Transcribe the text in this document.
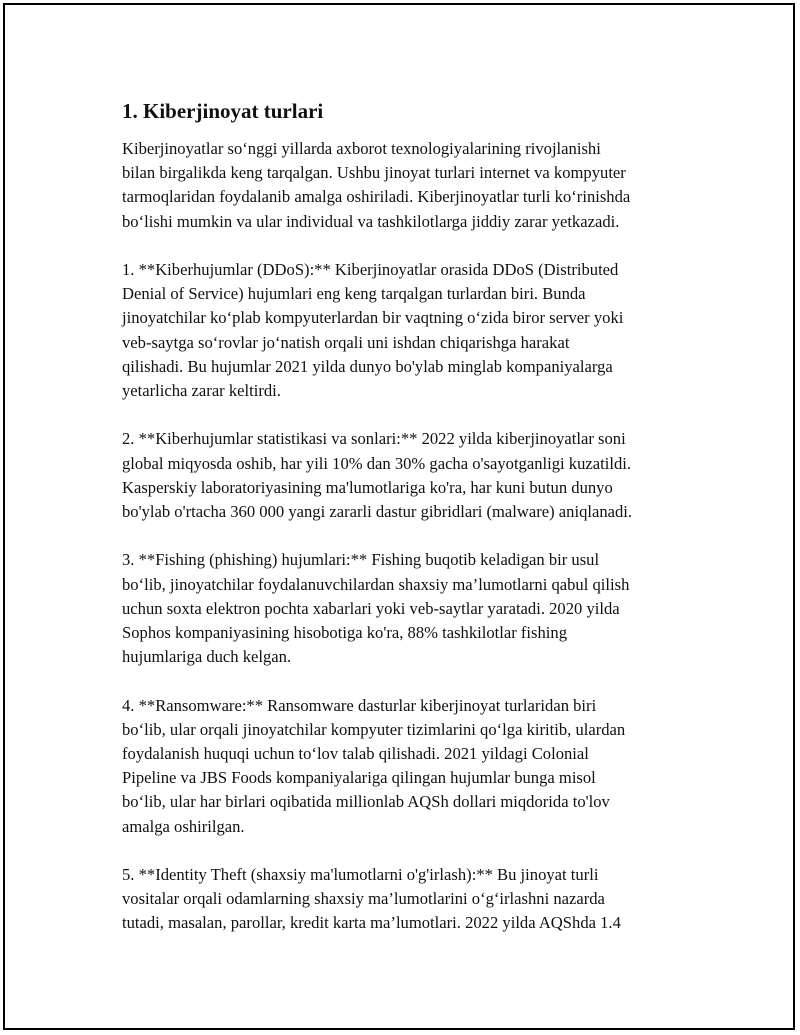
1. Kiberjinoyat turlari
Kiberjinoyatlar so‘nggi yillarda axborot texnologiyalarining rivojlanishi
bilan birgalikda keng tarqalgan. Ushbu jinoyat turlari internet va kompyuter
tarmoqlaridan foydalanib amalga oshiriladi. Kiberjinoyatlar turli ko‘rinishda
bo‘lishi mumkin va ular individual va tashkilotlarga jiddiy zarar yetkazadi.
1. **Kiberhujumlar (DDoS):** Kiberjinoyatlar orasida DDoS (Distributed
Denial of Service) hujumlari eng keng tarqalgan turlardan biri. Bunda
jinoyatchilar ko‘plab kompyuterlardan bir vaqtning o‘zida biror server yoki
veb-saytga so‘rovlar jo‘natish orqali uni ishdan chiqarishga harakat
qilishadi. Bu hujumlar 2021 yilda dunyo bo'ylab minglab kompaniyalarga
yetarlicha zarar keltirdi.
2. **Kiberhujumlar statistikasi va sonlari:** 2022 yilda kiberjinoyatlar soni
global miqyosda oshib, har yili 10% dan 30% gacha o'sayotganligi kuzatildi.
Kasperskiy laboratoriyasining ma'lumotlariga ko'ra, har kuni butun dunyo
bo'ylab o'rtacha 360 000 yangi zararli dastur gibridlari (malware) aniqlanadi.
3. **Fishing (phishing) hujumlari:** Fishing buqotib keladigan bir usul
bo‘lib, jinoyatchilar foydalanuvchilardan shaxsiy ma’lumotlarni qabul qilish
uchun soxta elektron pochta xabarlari yoki veb-saytlar yaratadi. 2020 yilda
Sophos kompaniyasining hisobotiga ko'ra, 88% tashkilotlar fishing
hujumlariga duch kelgan.
4. **Ransomware:** Ransomware dasturlar kiberjinoyat turlaridan biri
bo‘lib, ular orqali jinoyatchilar kompyuter tizimlarini qo‘lga kiritib, ulardan
foydalanish huquqi uchun to‘lov talab qilishadi. 2021 yildagi Colonial
Pipeline va JBS Foods kompaniyalariga qilingan hujumlar bunga misol
bo‘lib, ular har birlari oqibatida millionlab AQSh dollari miqdorida to'lov
amalga oshirilgan.
5. **Identity Theft (shaxsiy ma'lumotlarni o'g'irlash):** Bu jinoyat turli
vositalar orqali odamlarning shaxsiy ma’lumotlarini o‘g‘irlashni nazarda
tutadi, masalan, parollar, kredit karta ma’lumotlari. 2022 yilda AQShda 1.4
